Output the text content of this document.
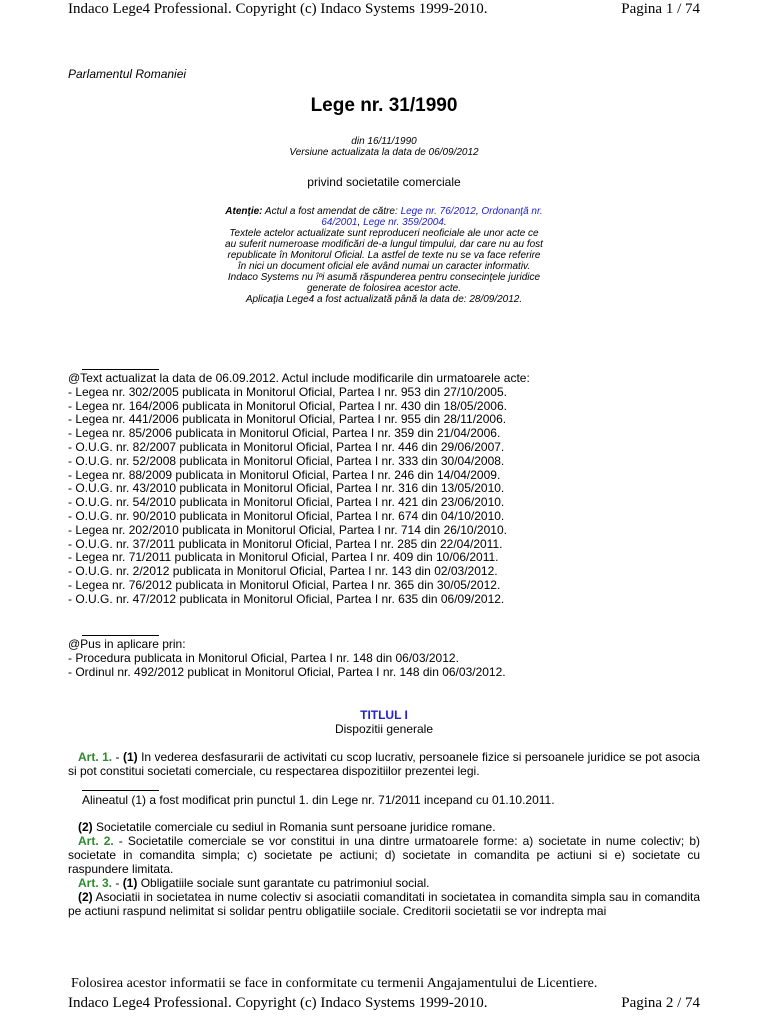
Indaco Lege4 Professional. Copyright (c) Indaco Systems 1999-2010.	Pagina 1 / 74
Parlamentul Romaniei
Lege nr. 31/1990
din 16/11/1990
Versiune actualizata la data de 06/09/2012
privind societatile comerciale
Atenţie: Actul a fost amendat de către: Lege nr. 76/2012, Ordonanţă nr. 64/2001, Lege nr. 359/2004.
Textele actelor actualizate sunt reproduceri neoficiale ale unor acte ce au suferit numeroase modificări de-a lungul timpului, dar care nu au fost republicate în Monitorul Oficial. La astfel de texte nu se va face referire în nici un document oficial ele având numai un caracter informativ. Indaco Systems nu îºi asumă răspunderea pentru consecinţele juridice generate de folosirea acestor acte.
Aplicaţia Lege4 a fost actualizată până la data de: 28/09/2012.
@Text actualizat la data de 06.09.2012. Actul include modificarile din urmatoarele acte:
- Legea nr. 302/2005 publicata in Monitorul Oficial, Partea I nr. 953 din 27/10/2005.
- Legea nr. 164/2006 publicata in Monitorul Oficial, Partea I nr. 430 din 18/05/2006.
- Legea nr. 441/2006 publicata in Monitorul Oficial, Partea I nr. 955 din 28/11/2006.
- Legea nr. 85/2006 publicata in Monitorul Oficial, Partea I nr. 359 din 21/04/2006.
- O.U.G. nr. 82/2007 publicata in Monitorul Oficial, Partea I nr. 446 din 29/06/2007.
- O.U.G. nr. 52/2008 publicata in Monitorul Oficial, Partea I nr. 333 din 30/04/2008.
- Legea nr. 88/2009 publicata in Monitorul Oficial, Partea I nr. 246 din 14/04/2009.
- O.U.G. nr. 43/2010 publicata in Monitorul Oficial, Partea I nr. 316 din 13/05/2010.
- O.U.G. nr. 54/2010 publicata in Monitorul Oficial, Partea I nr. 421 din 23/06/2010.
- O.U.G. nr. 90/2010 publicata in Monitorul Oficial, Partea I nr. 674 din 04/10/2010.
- Legea nr. 202/2010 publicata in Monitorul Oficial, Partea I nr. 714 din 26/10/2010.
- O.U.G. nr. 37/2011 publicata in Monitorul Oficial, Partea I nr. 285 din 22/04/2011.
- Legea nr. 71/2011 publicata in Monitorul Oficial, Partea I nr. 409 din 10/06/2011.
- O.U.G. nr. 2/2012 publicata in Monitorul Oficial, Partea I nr. 143 din 02/03/2012.
- Legea nr. 76/2012 publicata in Monitorul Oficial, Partea I nr. 365 din 30/05/2012.
- O.U.G. nr. 47/2012 publicata in Monitorul Oficial, Partea I nr. 635 din 06/09/2012.
@Pus in aplicare prin:
- Procedura publicata in Monitorul Oficial, Partea I nr. 148 din 06/03/2012.
- Ordinul nr. 492/2012 publicat in Monitorul Oficial, Partea I nr. 148 din 06/03/2012.
TITLUL I
Dispozitii generale
Art. 1. - (1) In vederea desfasurarii de activitati cu scop lucrativ, persoanele fizice si persoanele juridice se pot asocia si pot constitui societati comerciale, cu respectarea dispozitiilor prezentei legi.
Alineatul (1) a fost modificat prin punctul 1. din Lege nr. 71/2011 incepand cu 01.10.2011.
(2) Societatile comerciale cu sediul in Romania sunt persoane juridice romane.
Art. 2. - Societatile comerciale se vor constitui in una dintre urmatoarele forme: a) societate in nume colectiv; b) societate in comandita simpla; c) societate pe actiuni; d) societate in comandita pe actiuni si e) societate cu raspundere limitata.
Art. 3. - (1) Obligatiile sociale sunt garantate cu patrimoniul social.
(2) Asociatii in societatea in nume colectiv si asociatii comanditati in societatea in comandita simpla sau in comandita pe actiuni raspund nelimitat si solidar pentru obligatiile sociale. Creditorii societatii se vor indrepta mai
Folosirea acestor informatii se face in conformitate cu termenii Angajamentului de Licentiere.
Indaco Lege4 Professional. Copyright (c) Indaco Systems 1999-2010.	Pagina 2 / 74
